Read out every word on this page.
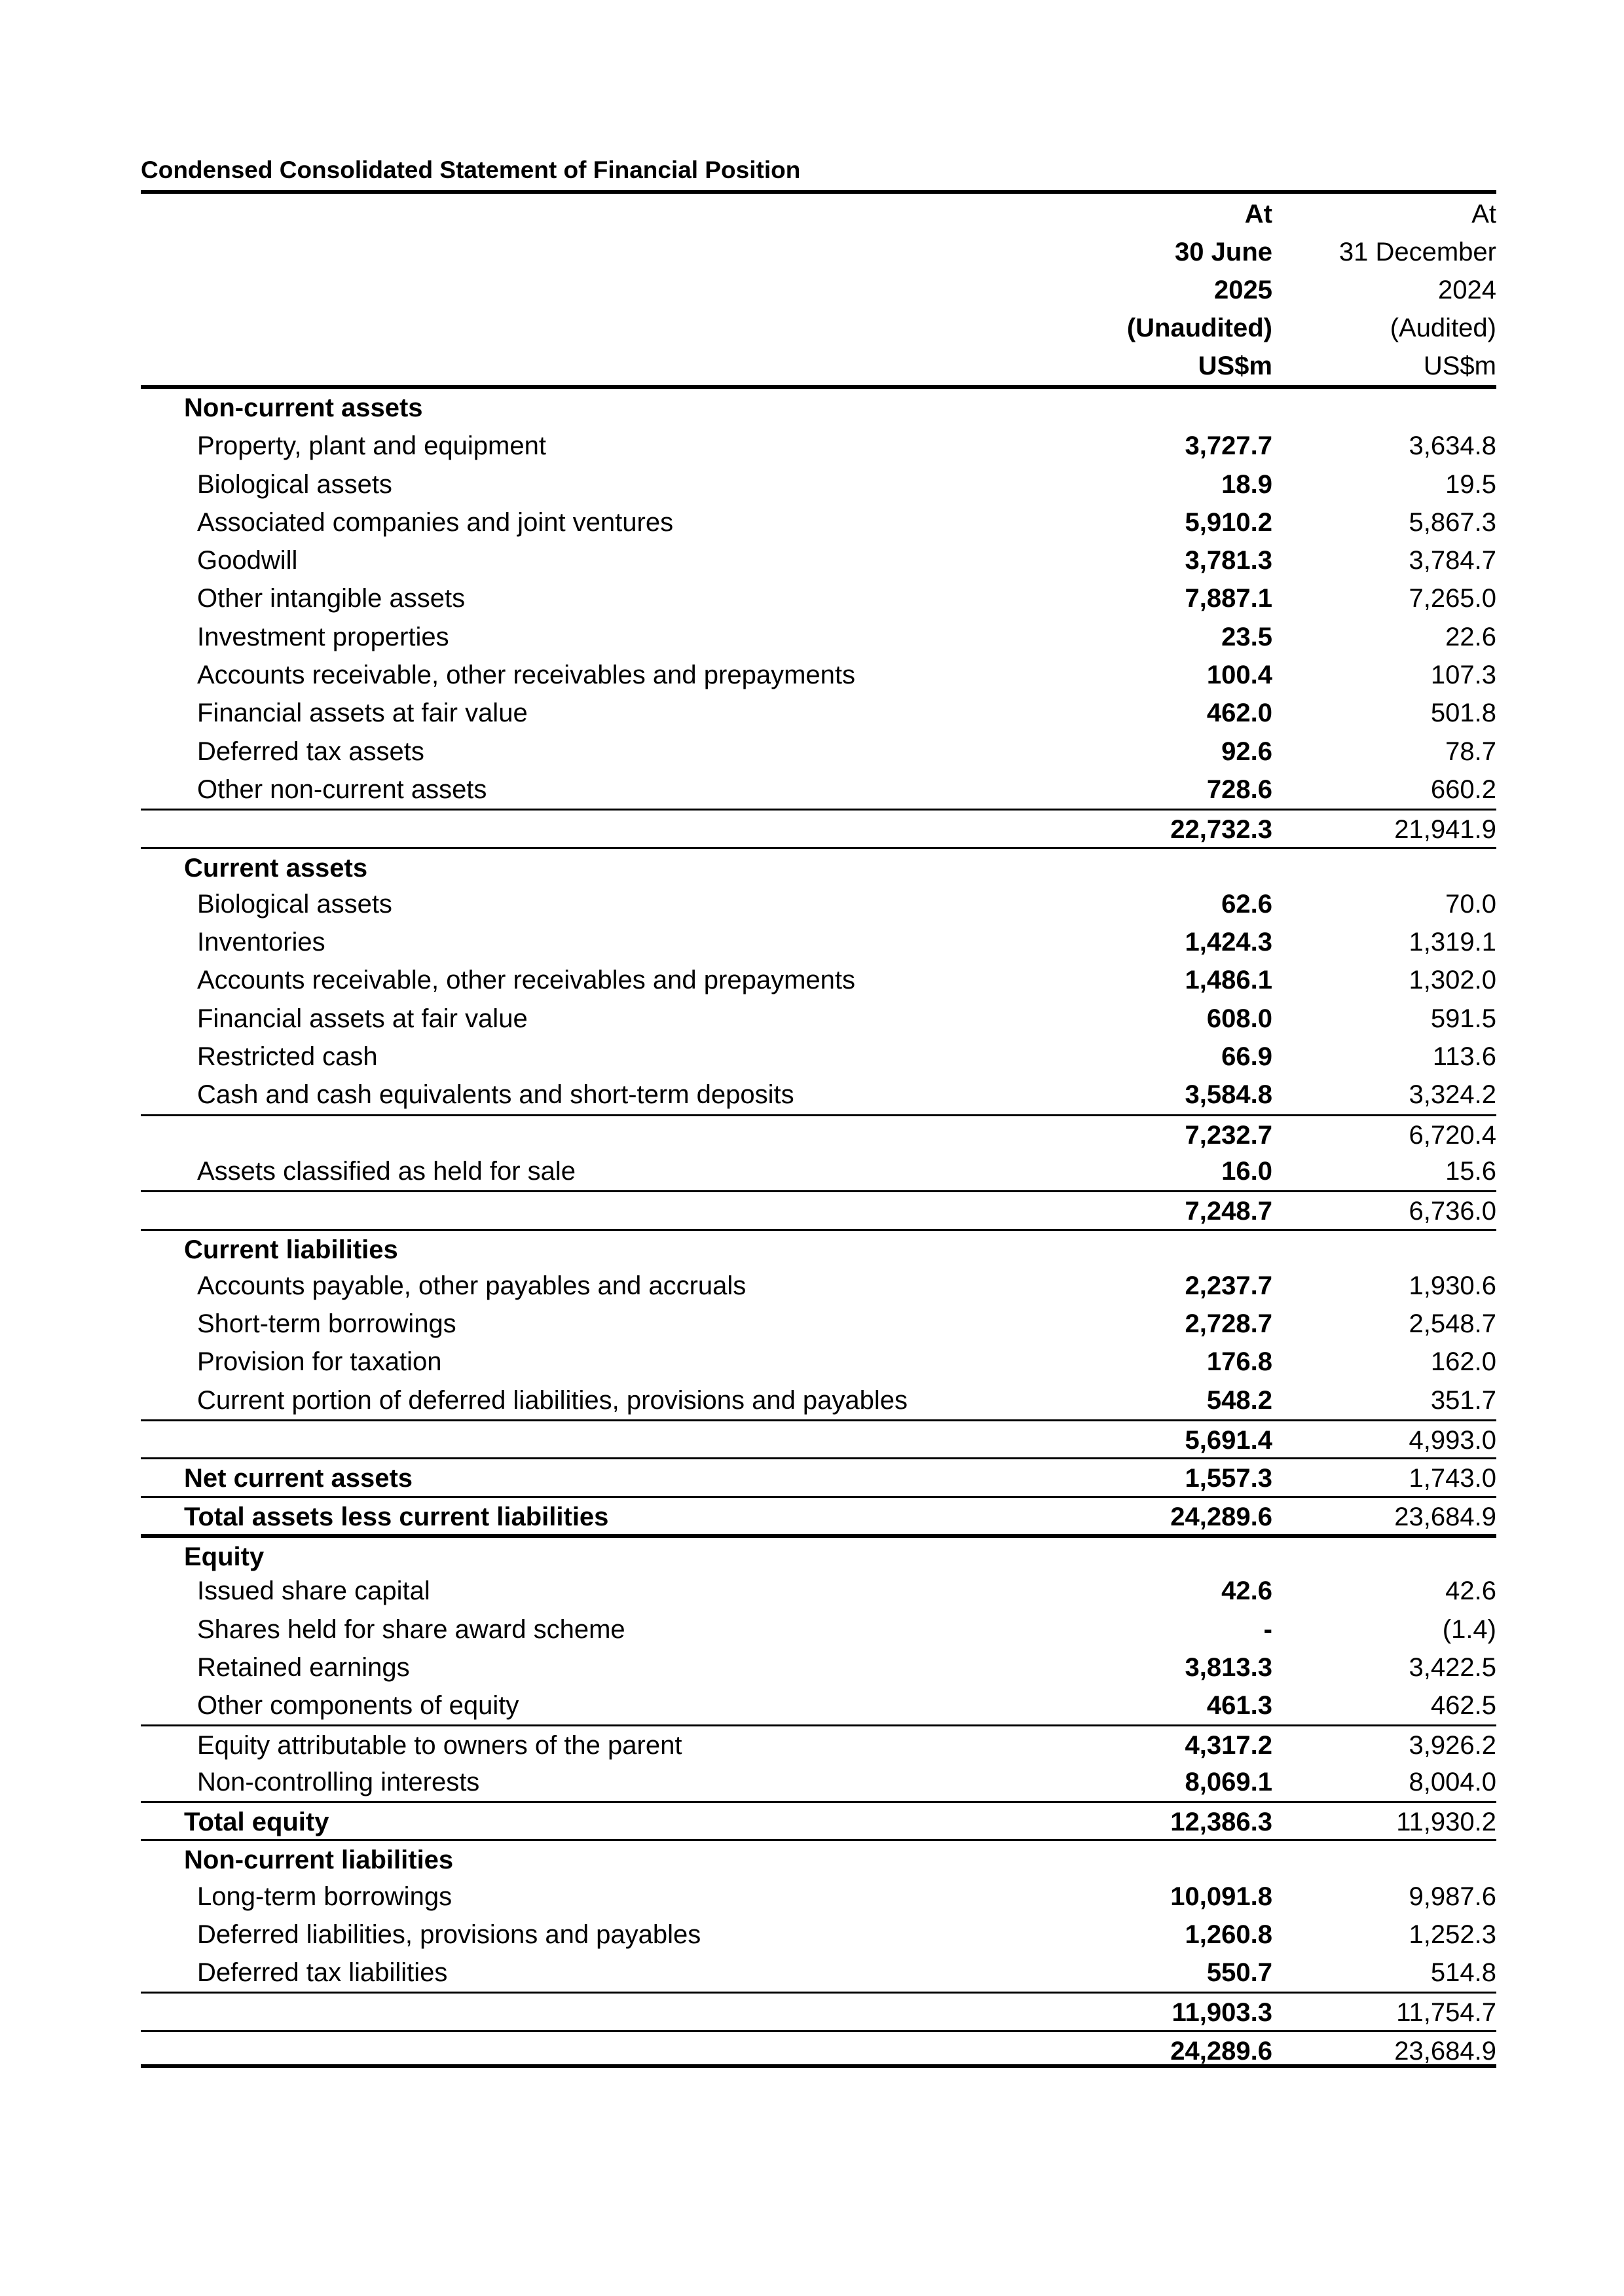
Condensed Consolidated Statement of Financial Position
At	At
30 June	31 December
2025	2024
(Unaudited)	(Audited)
US$m	US$m
Non-current assets
Property, plant and equipment	3,727.7	3,634.8
Biological assets	18.9	19.5
Associated companies and joint ventures	5,910.2	5,867.3
Goodwill	3,781.3	3,784.7
Other intangible assets	7,887.1	7,265.0
Investment properties	23.5	22.6
Accounts receivable, other receivables and prepayments	100.4	107.3
Financial assets at fair value	462.0	501.8
Deferred tax assets	92.6	78.7
Other non-current assets	728.6	660.2
22,732.3	21,941.9
Current assets
Biological assets	62.6	70.0
Inventories	1,424.3	1,319.1
Accounts receivable, other receivables and prepayments	1,486.1	1,302.0
Financial assets at fair value	608.0	591.5
Restricted cash	66.9	113.6
Cash and cash equivalents and short-term deposits	3,584.8	3,324.2
7,232.7	6,720.4
Assets classified as held for sale	16.0	15.6
7,248.7	6,736.0
Current liabilities
Accounts payable, other payables and accruals	2,237.7	1,930.6
Short-term borrowings	2,728.7	2,548.7
Provision for taxation	176.8	162.0
Current portion of deferred liabilities, provisions and payables	548.2	351.7
5,691.4	4,993.0
Net current assets	1,557.3	1,743.0
Total assets less current liabilities	24,289.6	23,684.9
Equity
Issued share capital	42.6	42.6
Shares held for share award scheme	-	(1.4)
Retained earnings	3,813.3	3,422.5
Other components of equity	461.3	462.5
Equity attributable to owners of the parent	4,317.2	3,926.2
Non-controlling interests	8,069.1	8,004.0
Total equity	12,386.3	11,930.2
Non-current liabilities
Long-term borrowings	10,091.8	9,987.6
Deferred liabilities, provisions and payables	1,260.8	1,252.3
Deferred tax liabilities	550.7	514.8
11,903.3	11,754.7
24,289.6	23,684.9
